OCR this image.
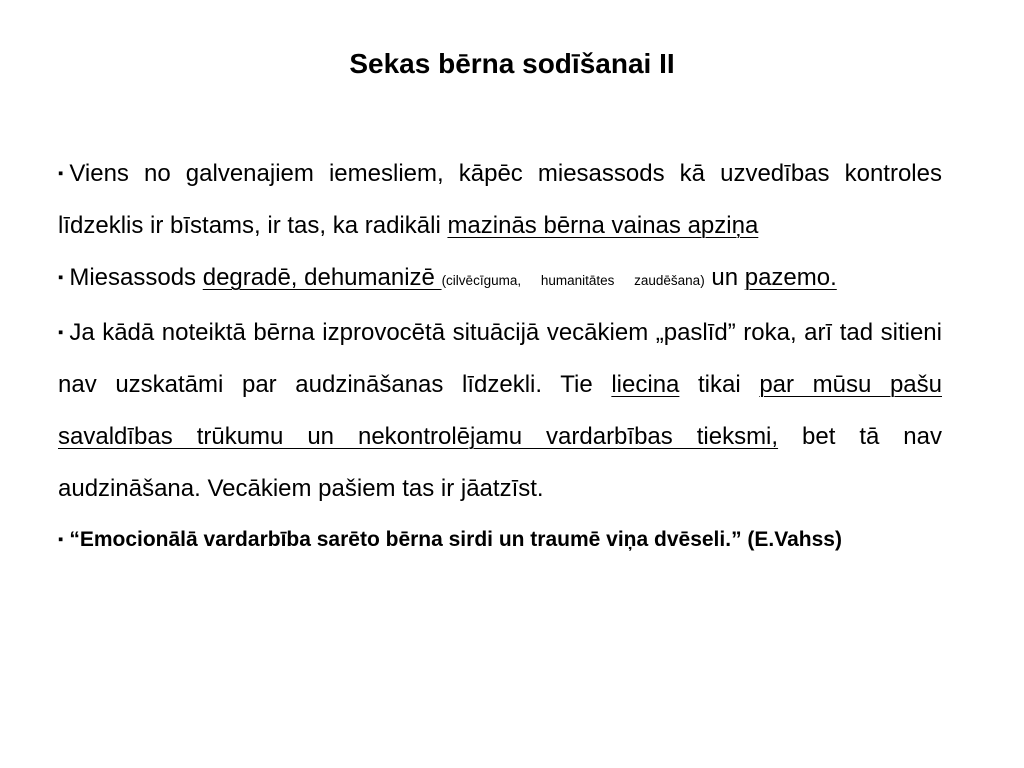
Sekas bērna sodīšanai II

▪ Viens no galvenajiem iemesliem, kāpēc miesassods kā uzvedības kontroles līdzeklis ir bīstams, ir tas, ka radikāli mazinās bērna vainas apziņa

▪ Miesassods degradē, dehumanizē (cilvēcīguma, humanitātes zaudēšana) un pazemo.

▪ Ja kādā noteiktā bērna izprovocētā situācijā vecākiem „paslīd” roka, arī tad sitieni nav uzskatāmi par audzināšanas līdzekli. Tie liecina tikai par mūsu pašu savaldības trūkumu un nekontrolējamu vardarbības tieksmi, bet tā nav audzināšana. Vecākiem pašiem tas ir jāatzīst.

▪ “Emocionālā vardarbība sarēto bērna sirdi un traumē viņa dvēseli.” (E.Vahss)
